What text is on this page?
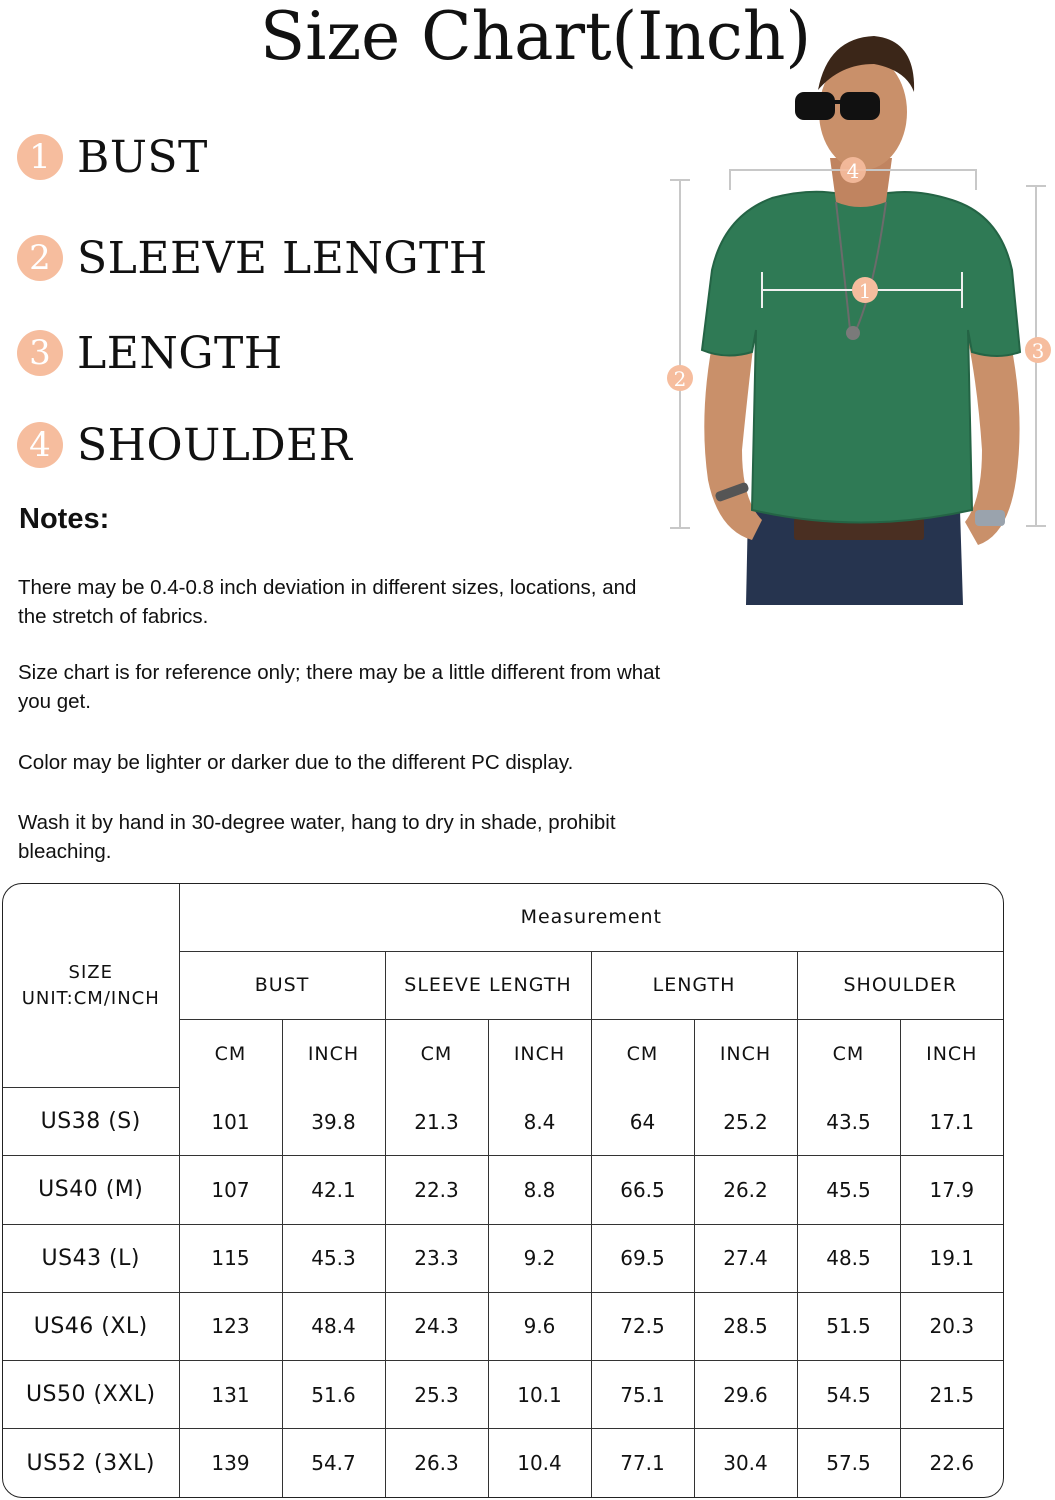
Size Chart(Inch)
1 BUST
2 SLEEVE LENGTH
3 LENGTH
4 SHOULDER
Notes:
There may be 0.4-0.8 inch deviation in different sizes, locations, and the stretch of fabrics.
Size chart is for reference only; there may be a little different from what you get.
Color may be lighter or darker due to the different PC display.
Wash it by hand in 30-degree water, hang to dry in shade, prohibit bleaching.
4
1
2
3
SIZE
UNIT:CM/INCH	Measurement							
	BUST		SLEEVE LENGTH		LENGTH		SHOULDER	
	CM	INCH	CM	INCH	CM	INCH	CM	INCH
US38 (S)	101	39.8	21.3	8.4	64	25.2	43.5	17.1
US40 (M)	107	42.1	22.3	8.8	66.5	26.2	45.5	17.9
US43 (L)	115	45.3	23.3	9.2	69.5	27.4	48.5	19.1
US46 (XL)	123	48.4	24.3	9.6	72.5	28.5	51.5	20.3
US50 (XXL)	131	51.6	25.3	10.1	75.1	29.6	54.5	21.5
US52 (3XL)	139	54.7	26.3	10.4	77.1	30.4	57.5	22.6
